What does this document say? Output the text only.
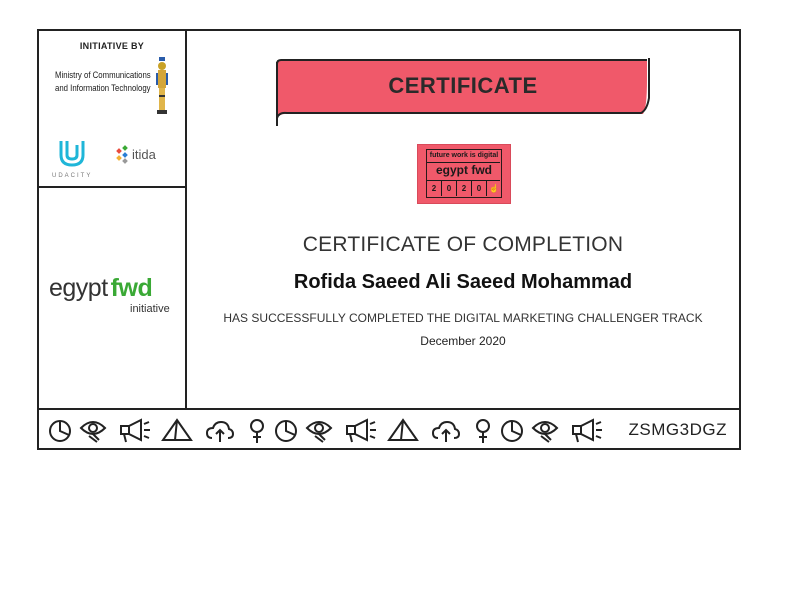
INITIATIVE BY
Ministry of Communications
and Information Technology
UDACITY
itida
egypt fwd
initiative
CERTIFICATE
future work is digital
egypt fwd
2	0	2	0 ☝
CERTIFICATE OF COMPLETION
Rofida Saeed Ali Saeed Mohammad
HAS SUCCESSFULLY COMPLETED THE DIGITAL MARKETING CHALLENGER TRACK
December 2020
ZSMG3DGZ
